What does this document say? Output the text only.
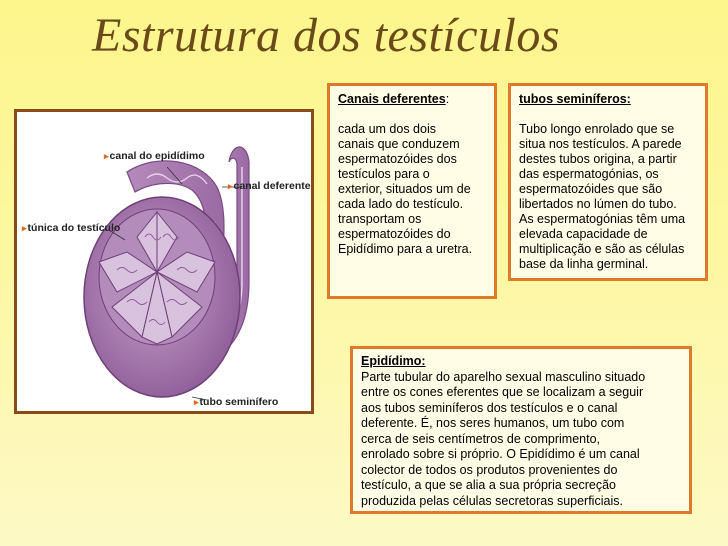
Estrutura dos testículos
▸canal do epidídimo
▸canal deferente
▸túnica do testículo
▸tubo seminífero
Canais deferentes:
cada um dos dois
canais que conduzem
espermatozóides dos
testículos para o
exterior, situados um de
cada lado do testículo.
transportam os
espermatozóides do
Epidídimo para a uretra.
tubos seminíferos:
Tubo longo enrolado que se
situa nos testículos. A parede
destes tubos origina, a partir
das espermatogónias, os
espermatozóides que são
libertados no lúmen do tubo.
As espermatogónias têm uma
elevada capacidade de
multiplicação e são as células
base da linha germinal.
Epidídimo:
Parte tubular do aparelho sexual masculino situado
entre os cones eferentes que se localizam a seguir
aos tubos seminíferos dos testículos e o canal
deferente. É, nos seres humanos, um tubo com
cerca de seis centímetros de comprimento,
enrolado sobre si próprio. O Epidídimo é um canal
colector de todos os produtos provenientes do
testículo, a que se alia a sua própria secreção
produzida pelas células secretoras superficiais.
